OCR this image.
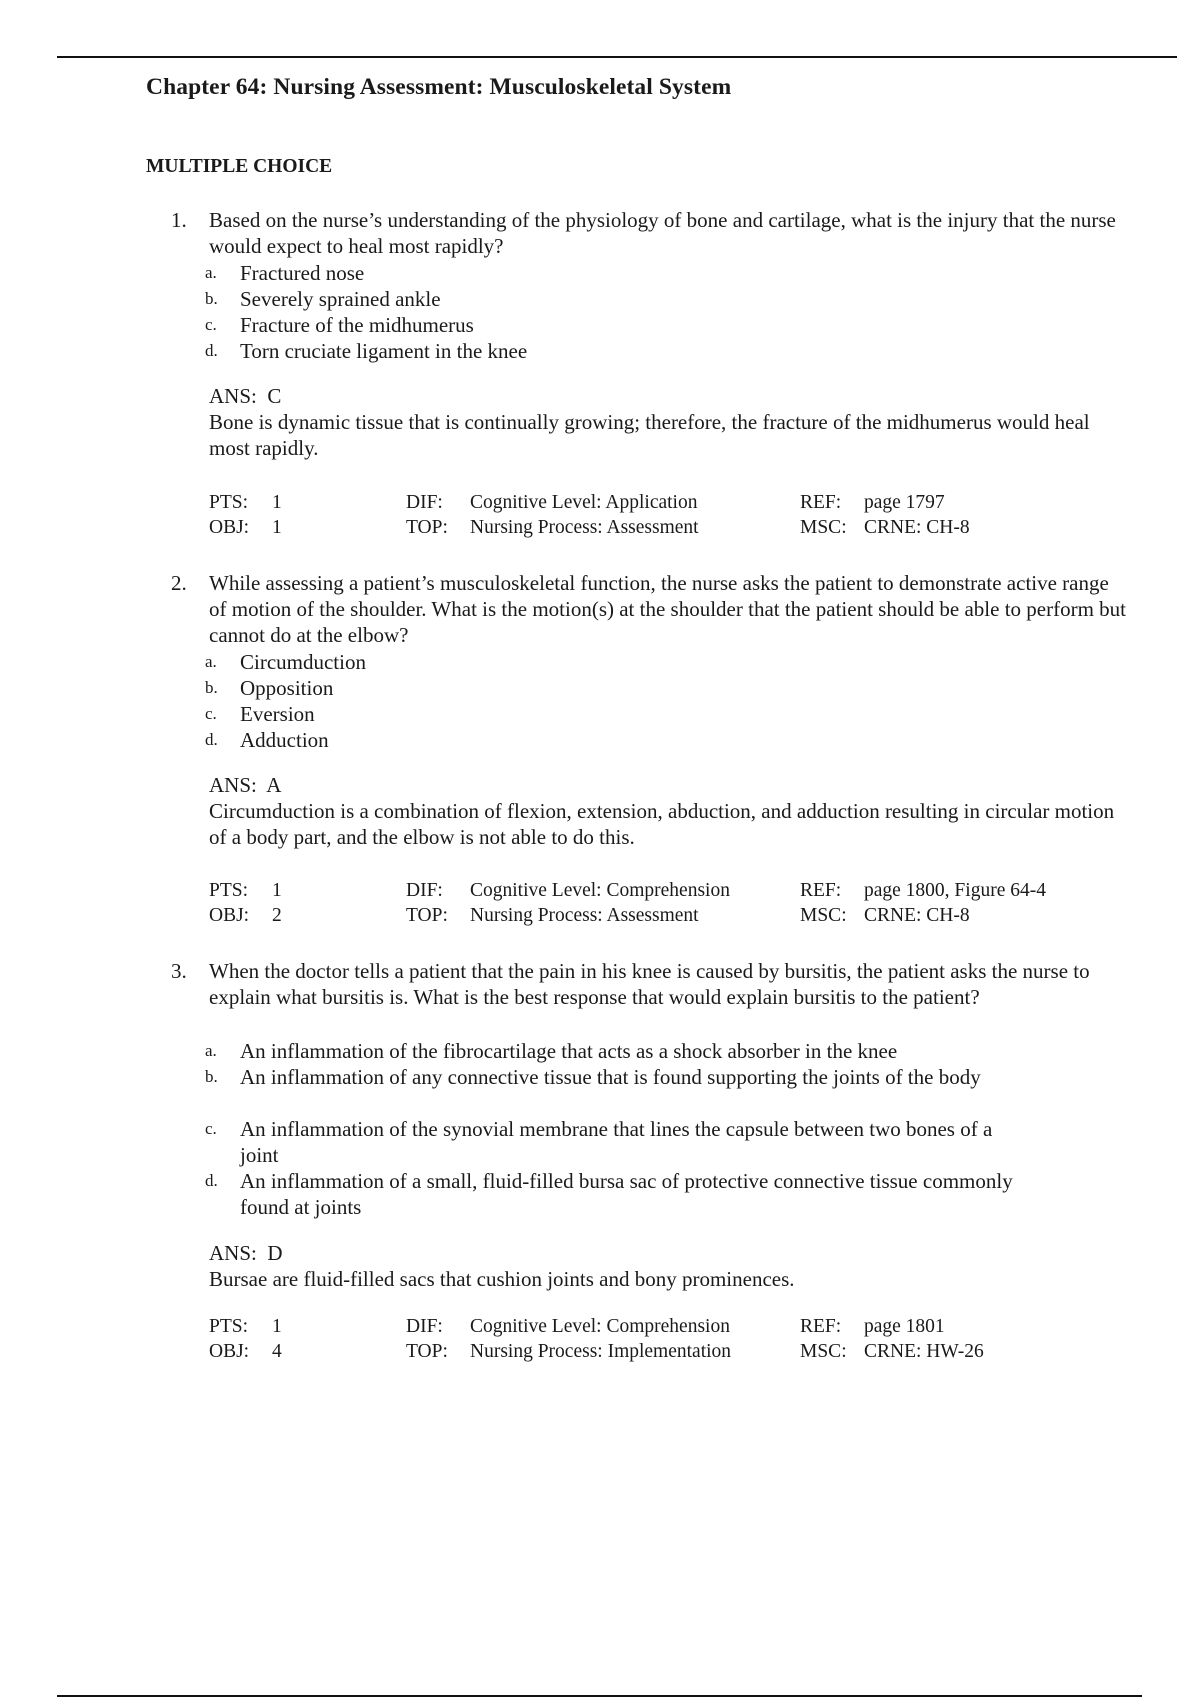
Chapter 64: Nursing Assessment: Musculoskeletal System
MULTIPLE CHOICE
1.	Based on the nurse’s understanding of the physiology of bone and cartilage, what is the injury that the nurse would expect to heal most rapidly?
a.	Fractured nose
b.	Severely sprained ankle
c.	Fracture of the midhumerus
d.	Torn cruciate ligament in the knee
ANS: C
Bone is dynamic tissue that is continually growing; therefore, the fracture of the midhumerus would heal most rapidly.
PTS: 1	DIF: Cognitive Level: Application	REF: page 1797
OBJ: 1	TOP: Nursing Process: Assessment	MSC: CRNE: CH-8
2.	While assessing a patient’s musculoskeletal function, the nurse asks the patient to demonstrate active range of motion of the shoulder. What is the motion(s) at the shoulder that the patient should be able to perform but cannot do at the elbow?
a.	Circumduction
b.	Opposition
c.	Eversion
d.	Adduction
ANS: A
Circumduction is a combination of flexion, extension, abduction, and adduction resulting in circular motion of a body part, and the elbow is not able to do this.
PTS: 1	DIF: Cognitive Level: Comprehension	REF: page 1800, Figure 64-4
OBJ: 2	TOP: Nursing Process: Assessment	MSC: CRNE: CH-8
3.	When the doctor tells a patient that the pain in his knee is caused by bursitis, the patient asks the nurse to explain what bursitis is. What is the best response that would explain bursitis to the patient?
a.	An inflammation of the fibrocartilage that acts as a shock absorber in the knee
b.	An inflammation of any connective tissue that is found supporting the joints of the body
c.	An inflammation of the synovial membrane that lines the capsule between two bones of a joint
d.	An inflammation of a small, fluid-filled bursa sac of protective connective tissue commonly found at joints
ANS: D
Bursae are fluid-filled sacs that cushion joints and bony prominences.
PTS: 1	DIF: Cognitive Level: Comprehension	REF: page 1801
OBJ: 4	TOP: Nursing Process: Implementation	MSC: CRNE: HW-26
